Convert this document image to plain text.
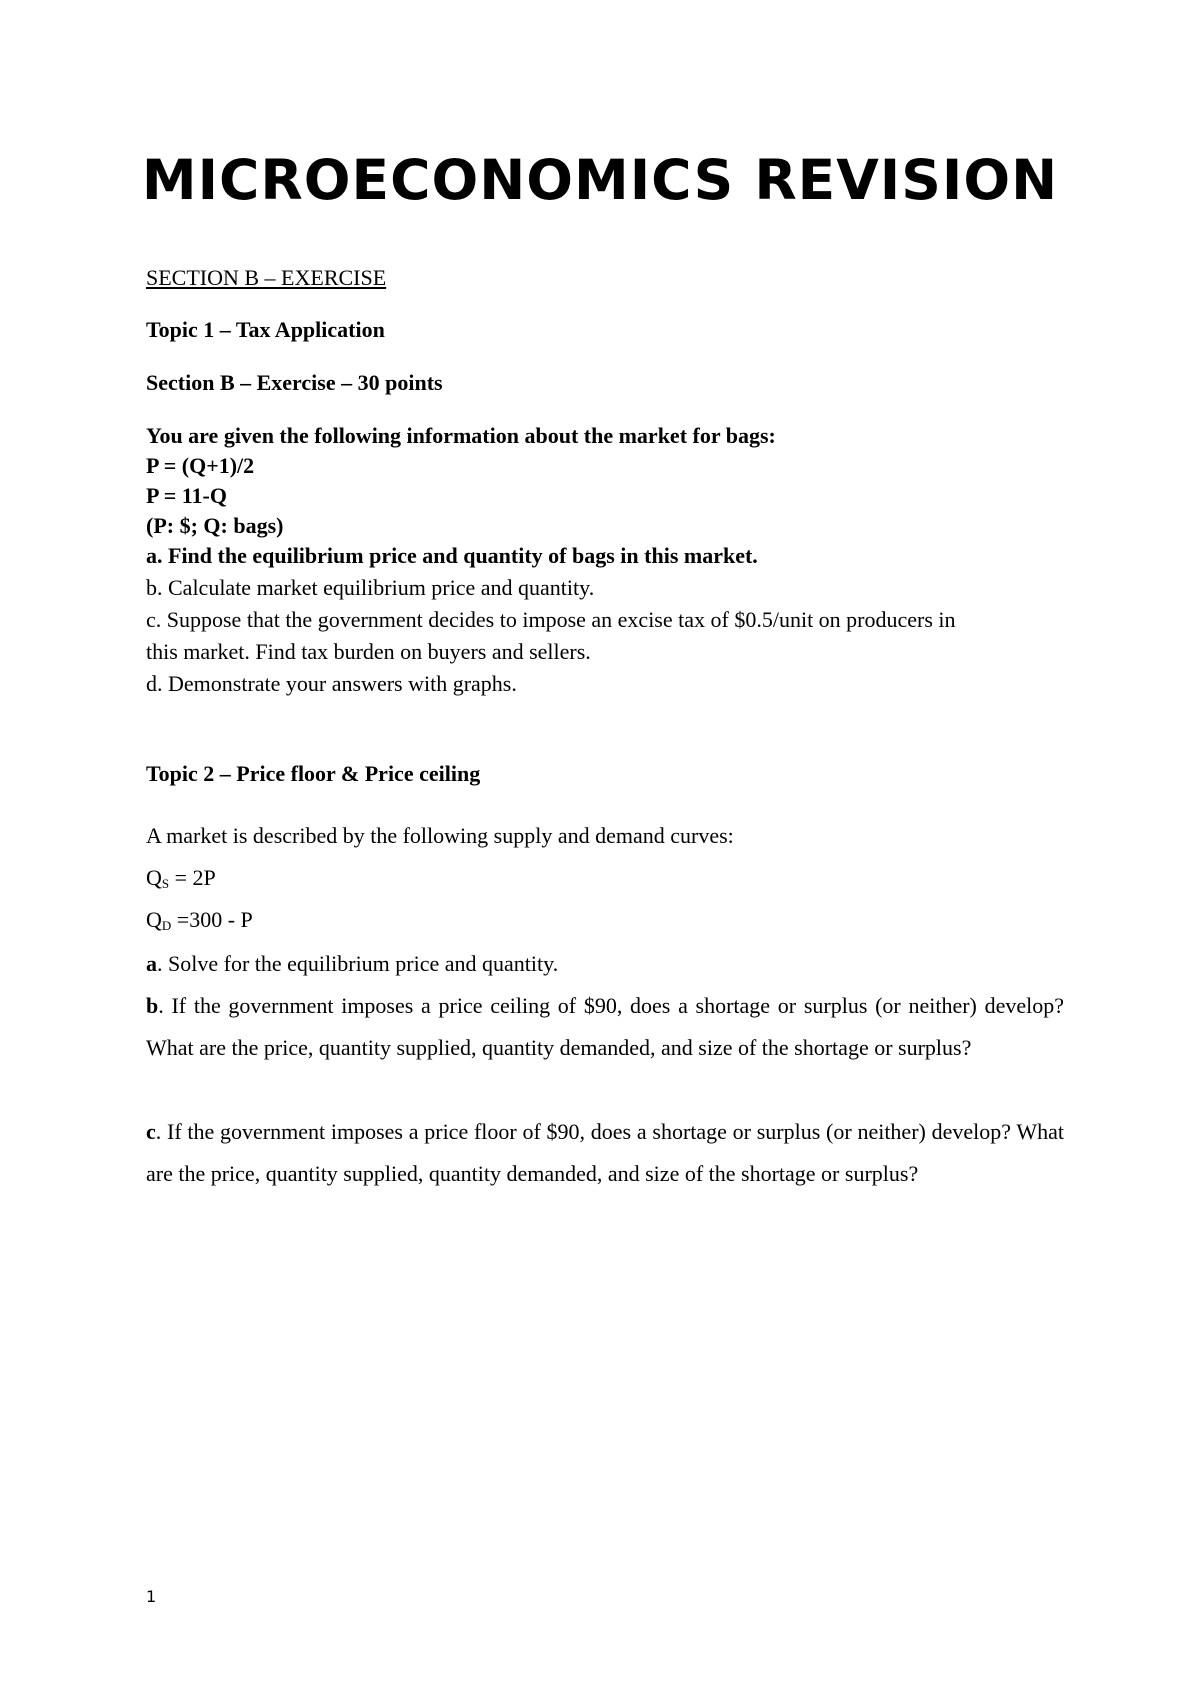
MICROECONOMICS REVISION
SECTION B – EXERCISE
Topic 1 – Tax Application
Section B – Exercise – 30 points
You are given the following information about the market for bags:
P = (Q+1)/2
P = 11-Q
(P: $; Q: bags)
a. Find the equilibrium price and quantity of bags in this market.
b. Calculate market equilibrium price and quantity.
c. Suppose that the government decides to impose an excise tax of $0.5/unit on producers in
this market. Find tax burden on buyers and sellers.
d. Demonstrate your answers with graphs.
Topic 2 – Price floor & Price ceiling
A market is described by the following supply and demand curves:
$Q_S = 2P$
$Q_D =300 - P$
a. Solve for the equilibrium price and quantity.
b. If the government imposes a price ceiling of $90, does a shortage or surplus (or neither) develop? What are the price, quantity supplied, quantity demanded, and size of the shortage or surplus?
c. If the government imposes a price floor of $90, does a shortage or surplus (or neither) develop? What are the price, quantity supplied, quantity demanded, and size of the shortage or surplus?
1
